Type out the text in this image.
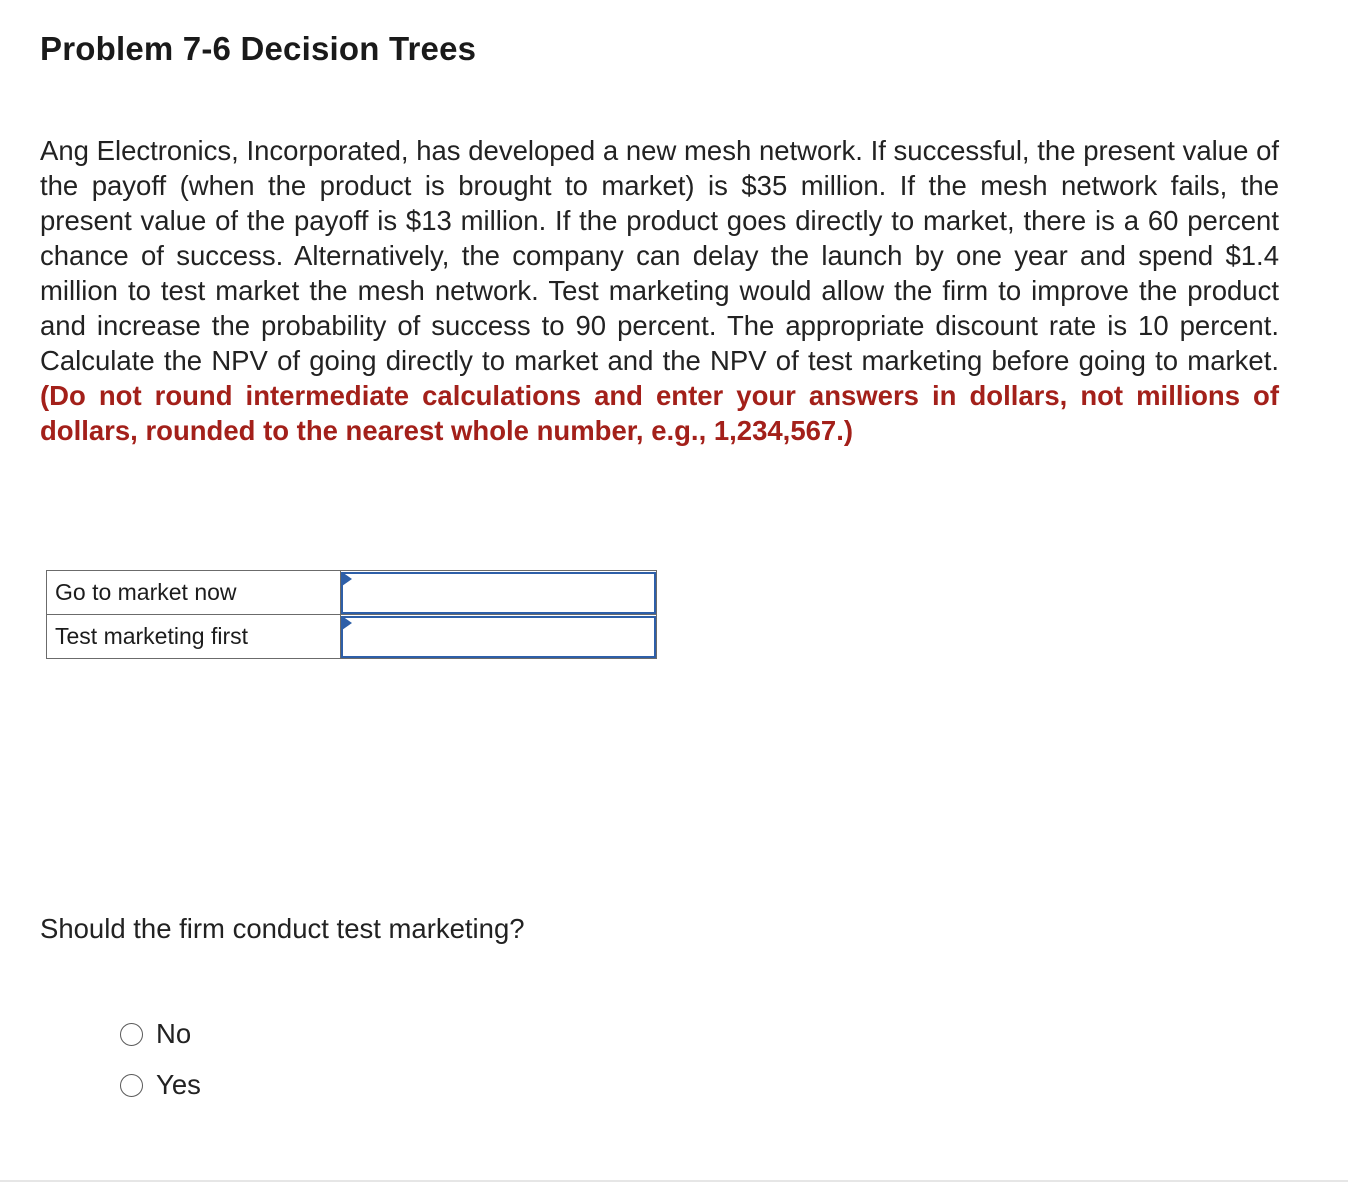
Problem 7-6 Decision Trees

Ang Electronics, Incorporated, has developed a new mesh network. If successful, the present value of the payoff (when the product is brought to market) is $35 million. If the mesh network fails, the present value of the payoff is $13 million. If the product goes directly to market, there is a 60 percent chance of success. Alternatively, the company can delay the launch by one year and spend $1.4 million to test market the mesh network. Test marketing would allow the firm to improve the product and increase the probability of success to 90 percent. The appropriate discount rate is 10 percent. Calculate the NPV of going directly to market and the NPV of test marketing before going to market. (Do not round intermediate calculations and enter your answers in dollars, not millions of dollars, rounded to the nearest whole number, e.g., 1,234,567.)

Go to market now	

Test marketing first	

Should the firm conduct test marketing?

No
Yes
